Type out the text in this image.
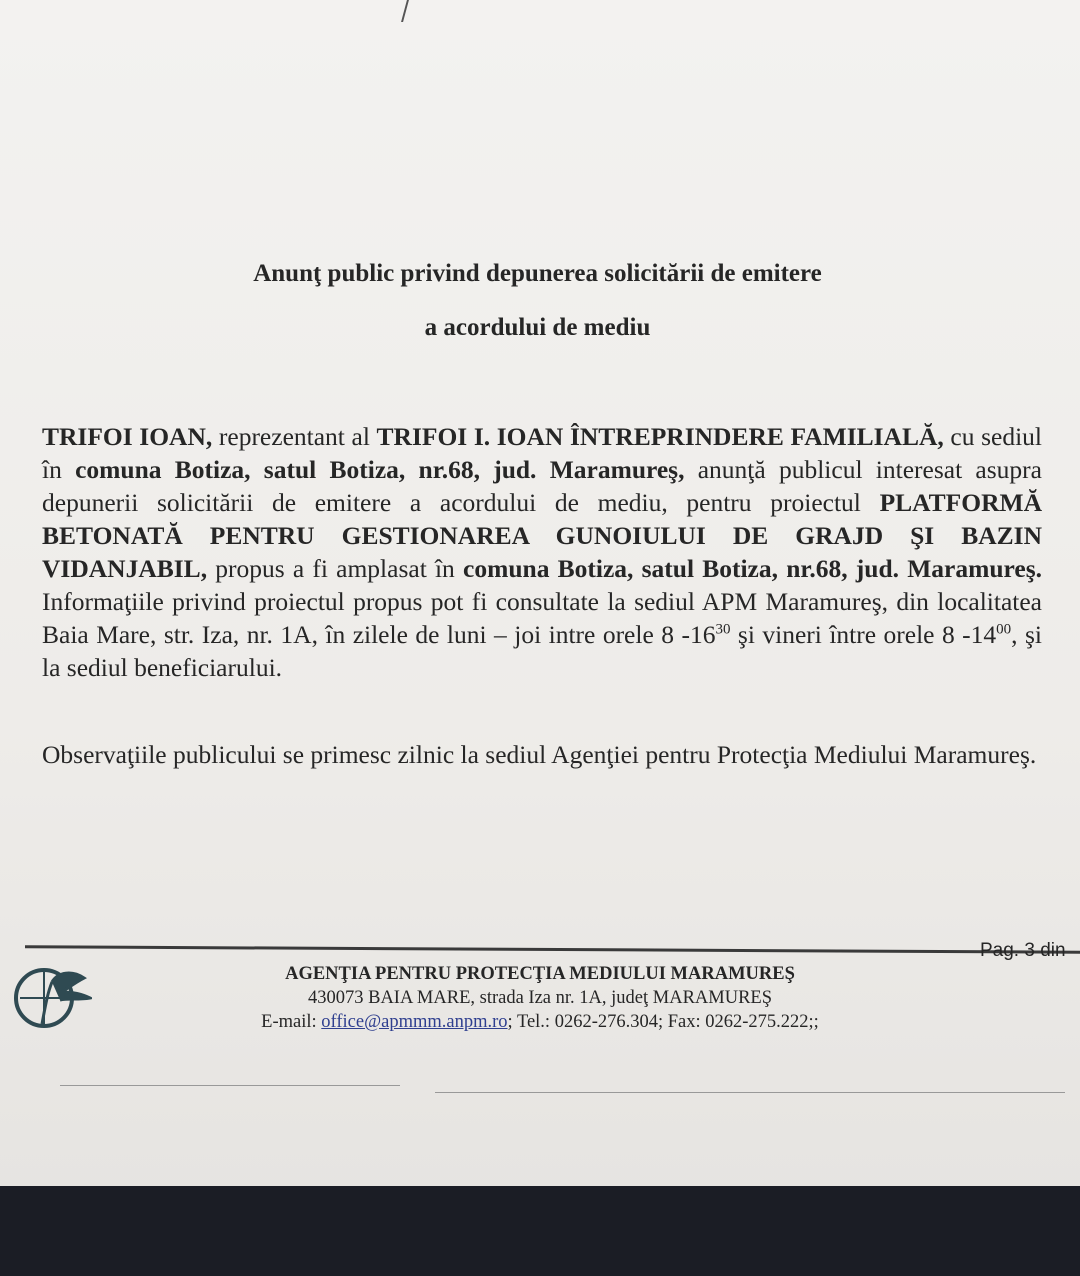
Anunţ public privind depunerea solicitării de emitere
a acordului de mediu
TRIFOI IOAN, reprezentant al TRIFOI I. IOAN ÎNTREPRINDERE FAMILIALĂ, cu sediul în comuna Botiza, satul Botiza, nr.68, jud. Maramureş, anunţă publicul interesat asupra depunerii solicitării de emitere a acordului de mediu, pentru proiectul PLATFORMĂ BETONATĂ PENTRU GESTIONAREA GUNOIULUI DE GRAJD ŞI BAZIN VIDANJABIL, propus a fi amplasat în comuna Botiza, satul Botiza, nr.68, jud. Maramureş. Informaţiile privind proiectul propus pot fi consultate la sediul APM Maramureş, din localitatea Baia Mare, str. Iza, nr. 1A, în zilele de luni – joi intre orele 8 $-16^{30}$ şi vineri între orele 8 $-14^{00}$, şi la sediul beneficiarului.
Observaţiile publicului se primesc zilnic la sediul Agenţiei pentru Protecţia Mediului Maramureş.
Pag. 3 din
AGENŢIA PENTRU PROTECŢIA MEDIULUI MARAMUREŞ
430073 BAIA MARE, strada Iza nr. 1A, judeţ MARAMUREŞ
E-mail: office@apmmm.anpm.ro; Tel.: 0262-276.304; Fax: 0262-275.222;;
